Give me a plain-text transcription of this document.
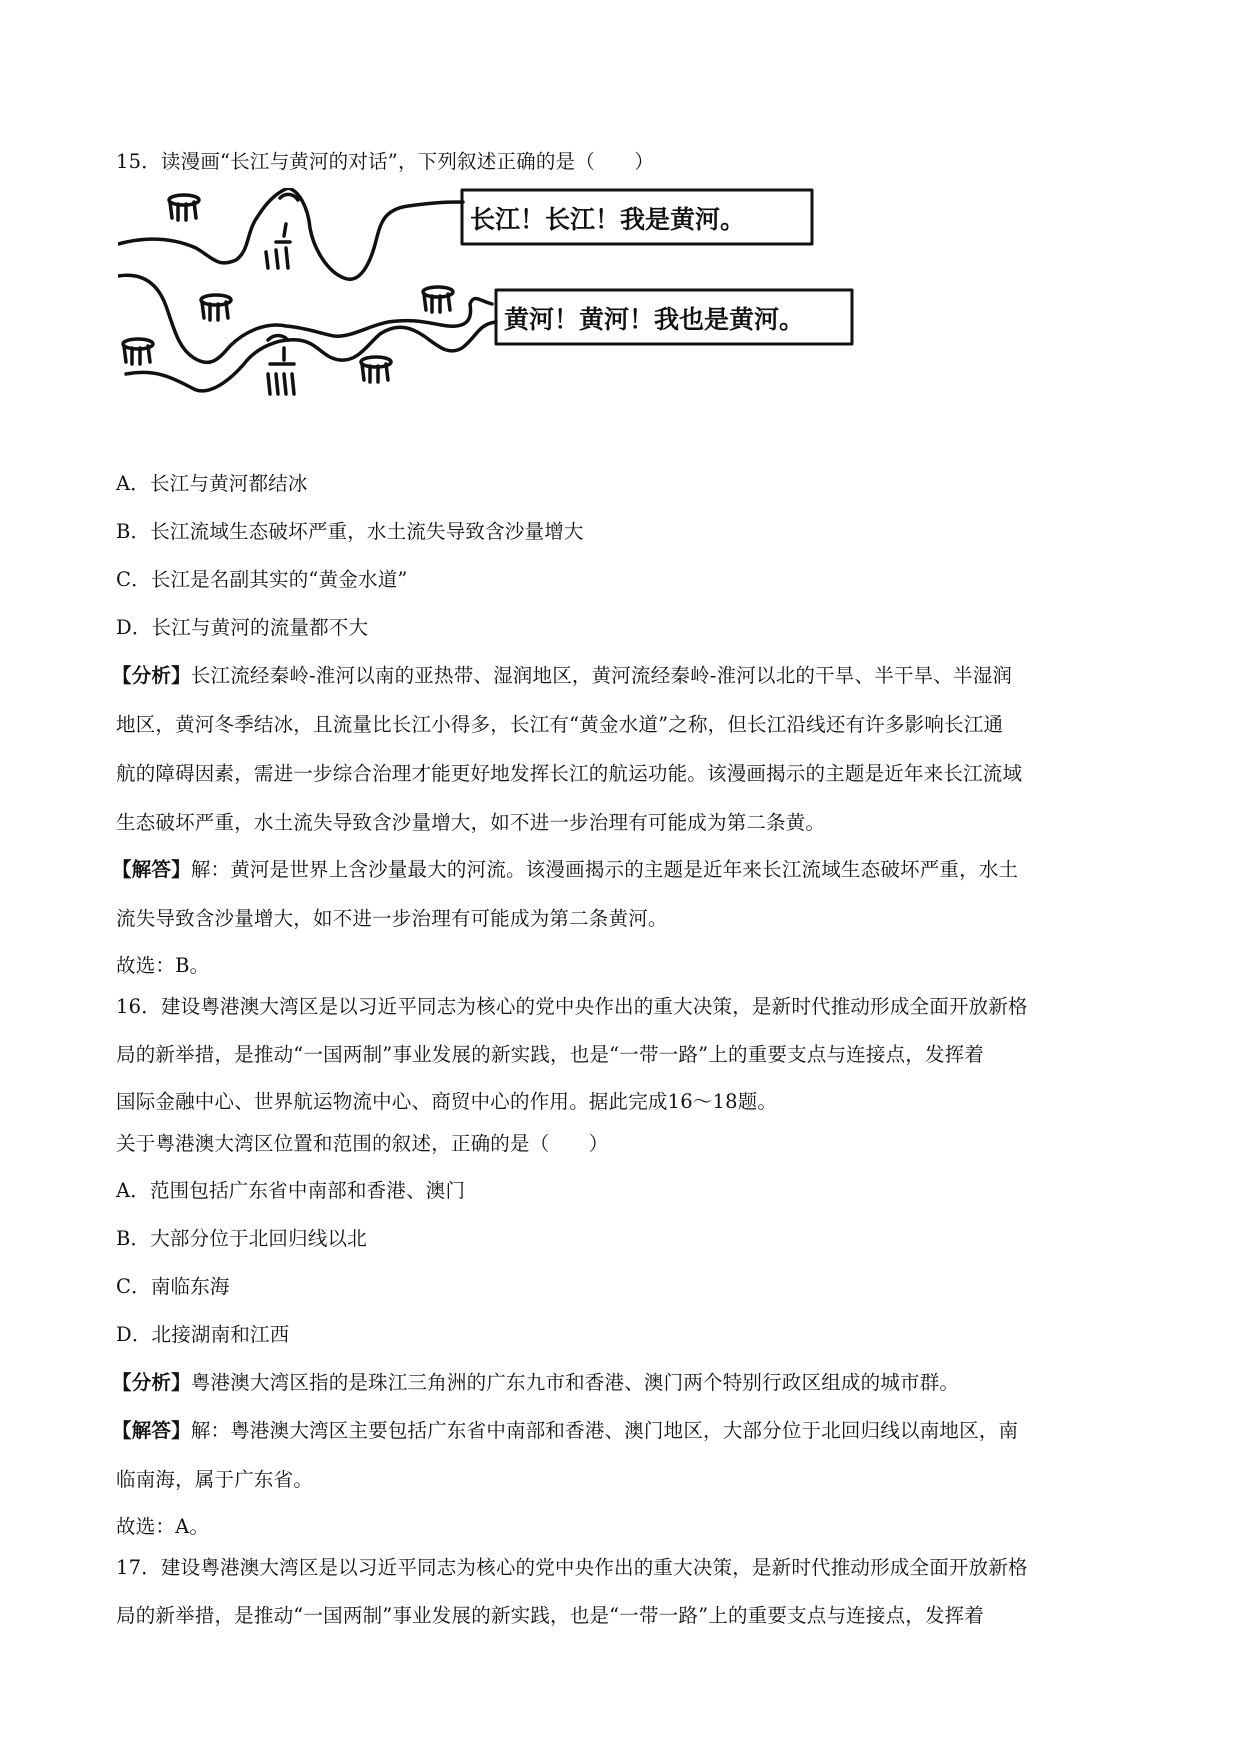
15．读漫画“长江与黄河的对话”，下列叙述正确的是（　　）
长江！长江！我是黄河。
黄河！黄河！我也是黄河。
A．长江与黄河都结冰
B．长江流域生态破坏严重，水土流失导致含沙量增大
C．长江是名副其实的“黄金水道”
D．长江与黄河的流量都不大
【分析】长江流经秦岭-淮河以南的亚热带、湿润地区，黄河流经秦岭-淮河以北的干旱、半干旱、半湿润
地区，黄河冬季结冰，且流量比长江小得多，长江有“黄金水道”之称，但长江沿线还有许多影响长江通
航的障碍因素，需进一步综合治理才能更好地发挥长江的航运功能。该漫画揭示的主题是近年来长江流域
生态破坏严重，水土流失导致含沙量增大，如不进一步治理有可能成为第二条黄。
【解答】解：黄河是世界上含沙量最大的河流。该漫画揭示的主题是近年来长江流域生态破坏严重，水土
流失导致含沙量增大，如不进一步治理有可能成为第二条黄河。
故选：B。
16．建设粤港澳大湾区是以习近平同志为核心的党中央作出的重大决策，是新时代推动形成全面开放新格
局的新举措，是推动“一国两制”事业发展的新实践，也是“一带一路”上的重要支点与连接点，发挥着
国际金融中心、世界航运物流中心、商贸中心的作用。据此完成16～18题。
关于粤港澳大湾区位置和范围的叙述，正确的是（　　）
A．范围包括广东省中南部和香港、澳门
B．大部分位于北回归线以北
C．南临东海
D．北接湖南和江西
【分析】粤港澳大湾区指的是珠江三角洲的广东九市和香港、澳门两个特别行政区组成的城市群。
【解答】解：粤港澳大湾区主要包括广东省中南部和香港、澳门地区，大部分位于北回归线以南地区，南
临南海，属于广东省。
故选：A。
17．建设粤港澳大湾区是以习近平同志为核心的党中央作出的重大决策，是新时代推动形成全面开放新格
局的新举措，是推动“一国两制”事业发展的新实践，也是“一带一路”上的重要支点与连接点，发挥着
